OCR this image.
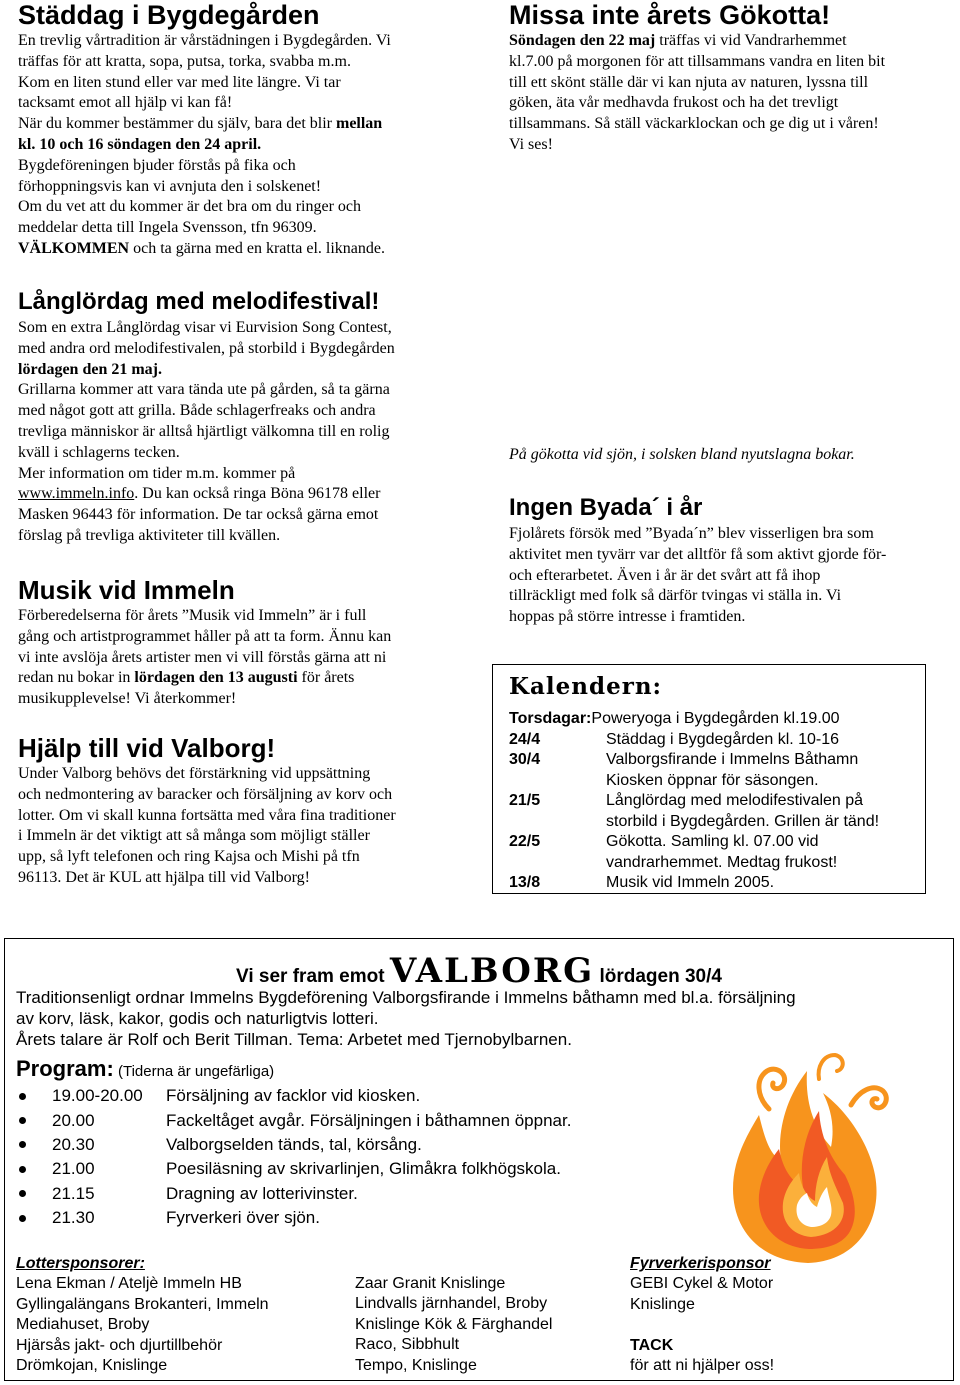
Städdag i Bygdegården

En trevlig vårtradition är vårstädningen i Bygdegården. Vi

träffas för att kratta, sopa, putsa, torka, svabba m.m.

Kom en liten stund eller var med lite längre. Vi tar

tacksamt emot all hjälp vi kan få!

När du kommer bestämmer du själv, bara det blir mellan

kl. 10 och 16 söndagen den 24 april.

Bygdeföreningen bjuder förstås på fika och

förhoppningsvis kan vi avnjuta den i solskenet!

Om du vet att du kommer är det bra om du ringer och

meddelar detta till Ingela Svensson, tfn 96309.

VÄLKOMMEN och ta gärna med en kratta el. liknande.

Missa inte årets Gökotta!

Söndagen den 22 maj träffas vi vid Vandrarhemmet

kl.7.00 på morgonen för att tillsammans vandra en liten bit

till ett skönt ställe där vi kan njuta av naturen, lyssna till

göken, äta vår medhavda frukost och ha det trevligt

tillsammans. Så ställ väckarklockan och ge dig ut i våren!

Vi ses!

På gökotta vid sjön, i solsken bland nyutslagna bokar.
Långlördag med melodifestival!

Som en extra Långlördag visar vi Eurvision Song Contest,

med andra ord melodifestivalen, på storbild i Bygdegården

lördagen den 21 maj.

Grillarna kommer att vara tända ute på gården, så ta gärna

med något gott att grilla. Både schlagerfreaks och andra

trevliga människor är alltså hjärtligt välkomna till en rolig

kväll i schlagerns tecken.

Mer information om tider m.m. kommer på

www.immeln.info. Du kan också ringa Böna 96178 eller

Masken 96443 för information. De tar också gärna emot

förslag på trevliga aktiviteter till kvällen.

Ingen Byada´ i år

Fjolårets försök med ”Byada´n” blev visserligen bra som

aktivitet men tyvärr var det alltför få som aktivt gjorde för-

och efterarbetet. Även i år är det svårt att få ihop

tillräckligt med folk så därför tvingas vi ställa in. Vi

hoppas på större intresse i framtiden.

Musik vid Immeln

Förberedelserna för årets ”Musik vid Immeln” är i full

gång och artistprogrammet håller på att ta form. Ännu kan

vi inte avslöja årets artister men vi vill förstås gärna att ni

redan nu bokar in lördagen den 13 augusti för årets

musikupplevelse! Vi återkommer!

Hjälp till vid Valborg!

Under Valborg behövs det förstärkning vid uppsättning

och nedmontering av baracker och försäljning av korv och

lotter. Om vi skall kunna fortsätta med våra fina traditioner

i Immeln är det viktigt att så många som möjligt ställer

upp, så lyft telefonen och ring Kajsa och Mishi på tfn

96113. Det är KUL att hjälpa till vid Valborg!

Kalendern:
Torsdagar: Poweryoga i Bygdegården kl.19.00
24/4	Städdag i Bygdegården kl. 10-16
30/4	Valborgsfirande i Immelns Båthamn
Kiosken öppnar för säsongen.
21/5	Långlördag med melodifestivalen på
storbild i Bygdegården. Grillen är tänd!
22/5	Gökotta. Samling kl. 07.00 vid
vandrarhemmet. Medtag frukost!
13/8	Musik vid Immeln 2005.
Vi ser fram emot VALBORG lördagen 30/4
Traditionsenligt ordnar Immelns Bygdeförening Valborgsfirande i Immelns båthamn med bl.a. försäljning
av korv, läsk, kakor, godis och naturligtvis lotteri.
Årets talare är Rolf och Berit Tillman. Tema: Arbetet med Tjernobylbarnen.
Program: (Tiderna är ungefärliga)
19.00-20.00	Försäljning av facklor vid kiosken.
20.00	Fackeltåget avgår. Försäljningen i båthamnen öppnar.
20.30	Valborgselden tänds, tal, körsång.
21.00	Poesiläsning av skrivarlinjen, Glimåkra folkhögskola.
21.15	Dragning av lotterivinster.
21.30	Fyrverkeri över sjön.
Lottersponsorer:
Lena Ekman / Ateljè Immeln HB
Gyllingalängans Brokanteri, Immeln
Mediahuset, Broby
Hjärsås jakt- och djurtillbehör
Drömkojan, Knislinge
Zaar Granit Knislinge
Lindvalls järnhandel, Broby
Knislinge Kök & Färghandel
Raco, Sibbhult
Tempo, Knislinge
Fyrverkerisponsor
GEBI Cykel & Motor
Knislinge
TACK
för att ni hjälper oss!
